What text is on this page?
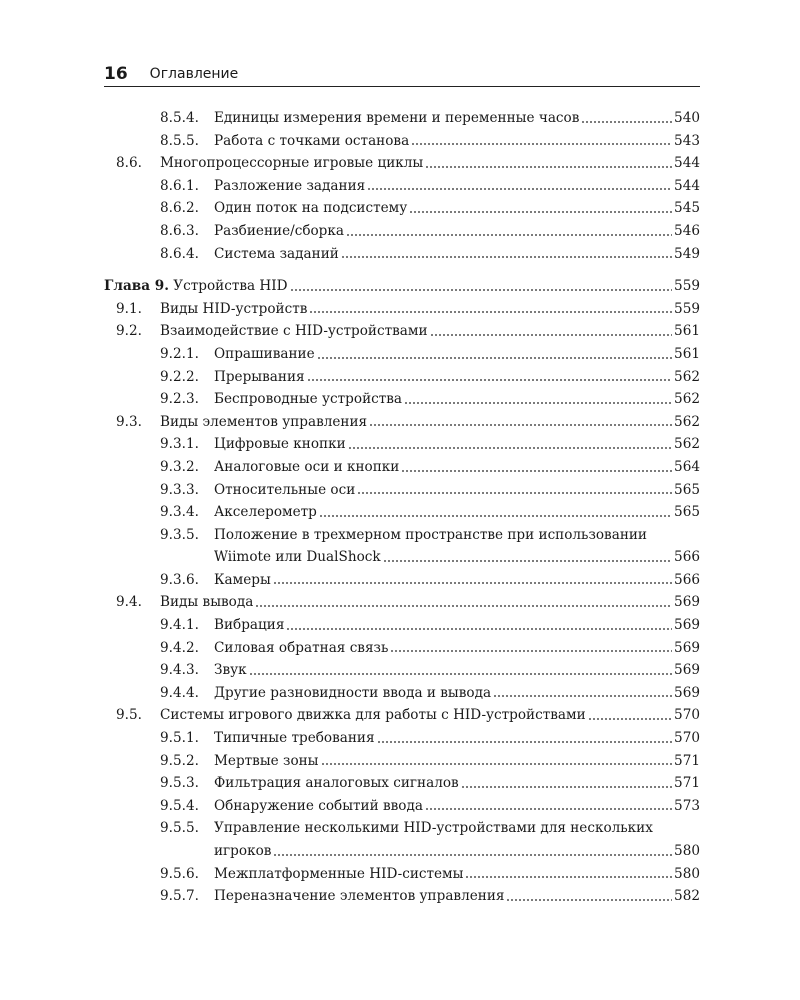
16 Оглавление
8.5.4. Единицы измерения времени и переменные часов	540
8.5.5. Работа с точками останова	543
8.6. Многопроцессорные игровые циклы	544
8.6.1. Разложение задания	544
8.6.2. Один поток на подсистему	545
8.6.3. Разбиение/сборка	546
8.6.4. Система заданий	549
Глава 9. Устройства HID	559
9.1. Виды HID-устройств	559
9.2. Взаимодействие с HID-устройствами	561
9.2.1. Опрашивание	561
9.2.2. Прерывания	562
9.2.3. Беспроводные устройства	562
9.3. Виды элементов управления	562
9.3.1. Цифровые кнопки	562
9.3.2. Аналоговые оси и кнопки	564
9.3.3. Относительные оси	565
9.3.4. Акселерометр	565
9.3.5.	Положение в трехмерном пространстве при использовании
Wiimote или DualShock	566
9.3.6. Камеры	566
9.4. Виды вывода	569
9.4.1. Вибрация	569
9.4.2. Силовая обратная связь	569
9.4.3. Звук	569
9.4.4. Другие разновидности ввода и вывода	569
9.5. Системы игрового движка для работы с HID-устройствами	570
9.5.1. Типичные требования	570
9.5.2. Мертвые зоны	571
9.5.3. Фильтрация аналоговых сигналов	571
9.5.4. Обнаружение событий ввода	573
9.5.5.	Управление несколькими HID-устройствами для нескольких
игроков	580
9.5.6. Межплатформенные HID-системы	580
9.5.7. Переназначение элементов управления	582
